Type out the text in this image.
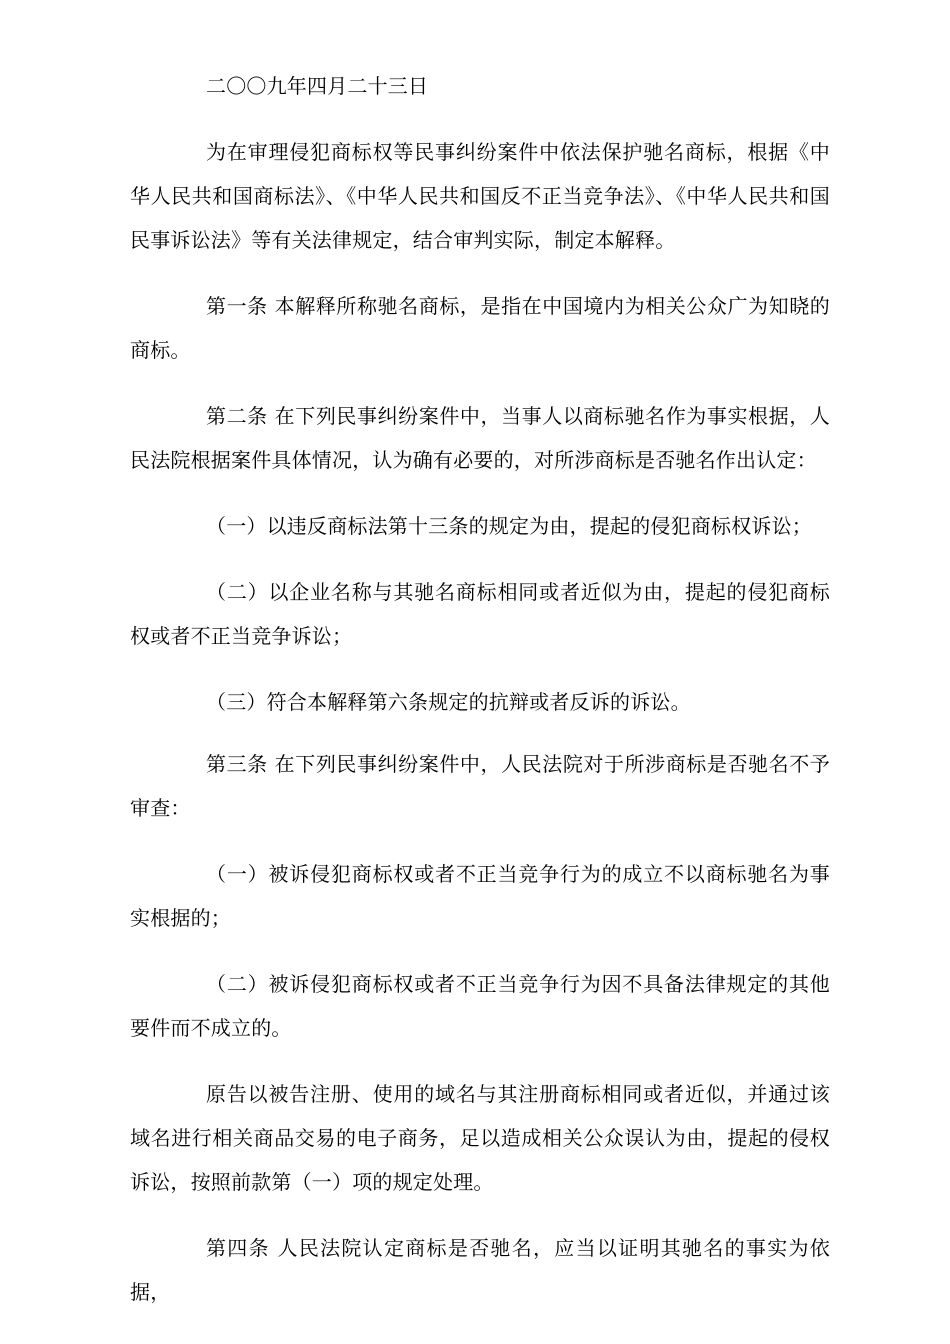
二〇〇九年四月二十三日

为在审理侵犯商标权等民事纠纷案件中依法保护驰名商标，根据《中华人民共和国商标法》、《中华人民共和国反不正当竞争法》、《中华人民共和国民事诉讼法》等有关法律规定，结合审判实际，制定本解释。

第一条 本解释所称驰名商标，是指在中国境内为相关公众广为知晓的商标。

第二条 在下列民事纠纷案件中，当事人以商标驰名作为事实根据，人民法院根据案件具体情况，认为确有必要的，对所涉商标是否驰名作出认定：

（一）以违反商标法第十三条的规定为由，提起的侵犯商标权诉讼；

（二）以企业名称与其驰名商标相同或者近似为由，提起的侵犯商标权或者不正当竞争诉讼；

（三）符合本解释第六条规定的抗辩或者反诉的诉讼。

第三条 在下列民事纠纷案件中，人民法院对于所涉商标是否驰名不予审查：

（一）被诉侵犯商标权或者不正当竞争行为的成立不以商标驰名为事实根据的；

（二）被诉侵犯商标权或者不正当竞争行为因不具备法律规定的其他要件而不成立的。

原告以被告注册、使用的域名与其注册商标相同或者近似，并通过该域名进行相关商品交易的电子商务，足以造成相关公众误认为由，提起的侵权诉讼，按照前款第（一）项的规定处理。

第四条 人民法院认定商标是否驰名，应当以证明其驰名的事实为依据，
